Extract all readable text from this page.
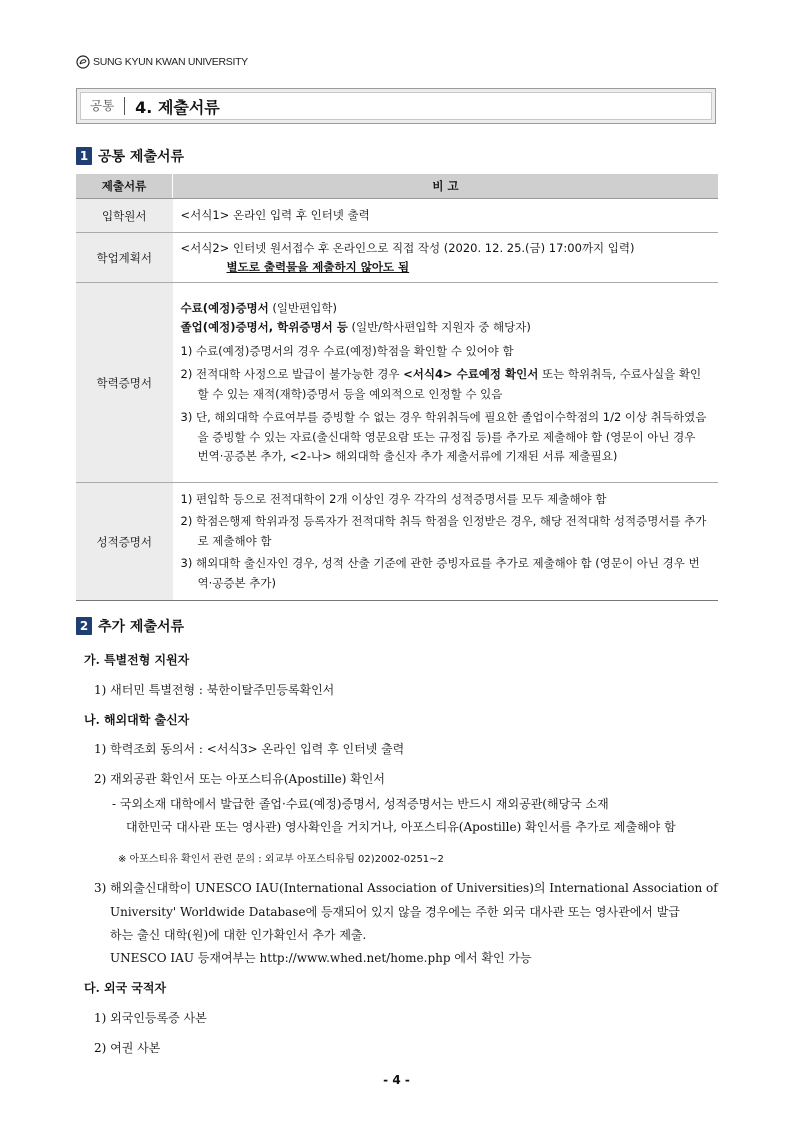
SUNG KYUN KWAN UNIVERSITY
공통	4. 제출서류
1 공통 제출서류
제출서류	비 고
입학원서	<서식1> 온라인 입력 후 인터넷 출력
학업계획서	<서식2> 인터넷 원서접수 후 온라인으로 직접 작성 (2020. 12. 25.(금) 17:00까지 입력)
별도로 출력물을 제출하지 않아도 됨

학력증명서	수료(예정)증명서 (일반편입학)
졸업(예정)증명서, 학위증명서 등 (일반/학사편입학 지원자 중 해당자)
1) 수료(예정)증명서의 경우 수료(예정)학점을 확인할 수 있어야 함
2) 전적대학 사정으로 발급이 불가능한 경우 <서식4> 수료예정 확인서 또는 학위취득, 수료사실을 확인할 수 있는 재적(재학)증명서 등을 예외적으로 인정할 수 있음
3) 단, 해외대학 수료여부를 증빙할 수 없는 경우 학위취득에 필요한 졸업이수학점의 1/2 이상 취득하였음을 증빙할 수 있는 자료(출신대학 영문요람 또는 규정집 등)를 추가로 제출해야 함 (영문이 아닌 경우 번역·공증본 추가, <2-나> 해외대학 출신자 추가 제출서류에 기재된 서류 제출필요)

성적증명서	1) 편입학 등으로 전적대학이 2개 이상인 경우 각각의 성적증명서를 모두 제출해야 함
2) 학점은행제 학위과정 등록자가 전적대학 취득 학점을 인정받은 경우, 해당 전적대학 성적증명서를 추가로 제출해야 함
3) 해외대학 출신자인 경우, 성적 산출 기준에 관한 증빙자료를 추가로 제출해야 함 (영문이 아닌 경우 번역·공증본 추가)
2 추가 제출서류
가. 특별전형 지원자
1) 새터민 특별전형 : 북한이탈주민등록확인서
나. 해외대학 출신자
1) 학력조회 동의서 : <서식3> 온라인 입력 후 인터넷 출력
2) 재외공관 확인서 또는 아포스티유(Apostille) 확인서
- 국외소재 대학에서 발급한 졸업·수료(예정)증명서, 성적증명서는 반드시 재외공관(해당국 소재
대한민국 대사관 또는 영사관) 영사확인을 거치거나, 아포스티유(Apostille) 확인서를 추가로 제출해야 함
※ 아포스티유 확인서 관련 문의 : 외교부 아포스티유팀 02)2002-0251~2
3) 해외출신대학이 UNESCO IAU(International Association of Universities)의 International Association of
University' Worldwide Database에 등재되어 있지 않을 경우에는 주한 외국 대사관 또는 영사관에서 발급
하는 출신 대학(원)에 대한 인가확인서 추가 제출.
UNESCO IAU 등재여부는 http://www.whed.net/home.php 에서 확인 가능
다. 외국 국적자
1) 외국인등록증 사본
2) 여권 사본
- 4 -
